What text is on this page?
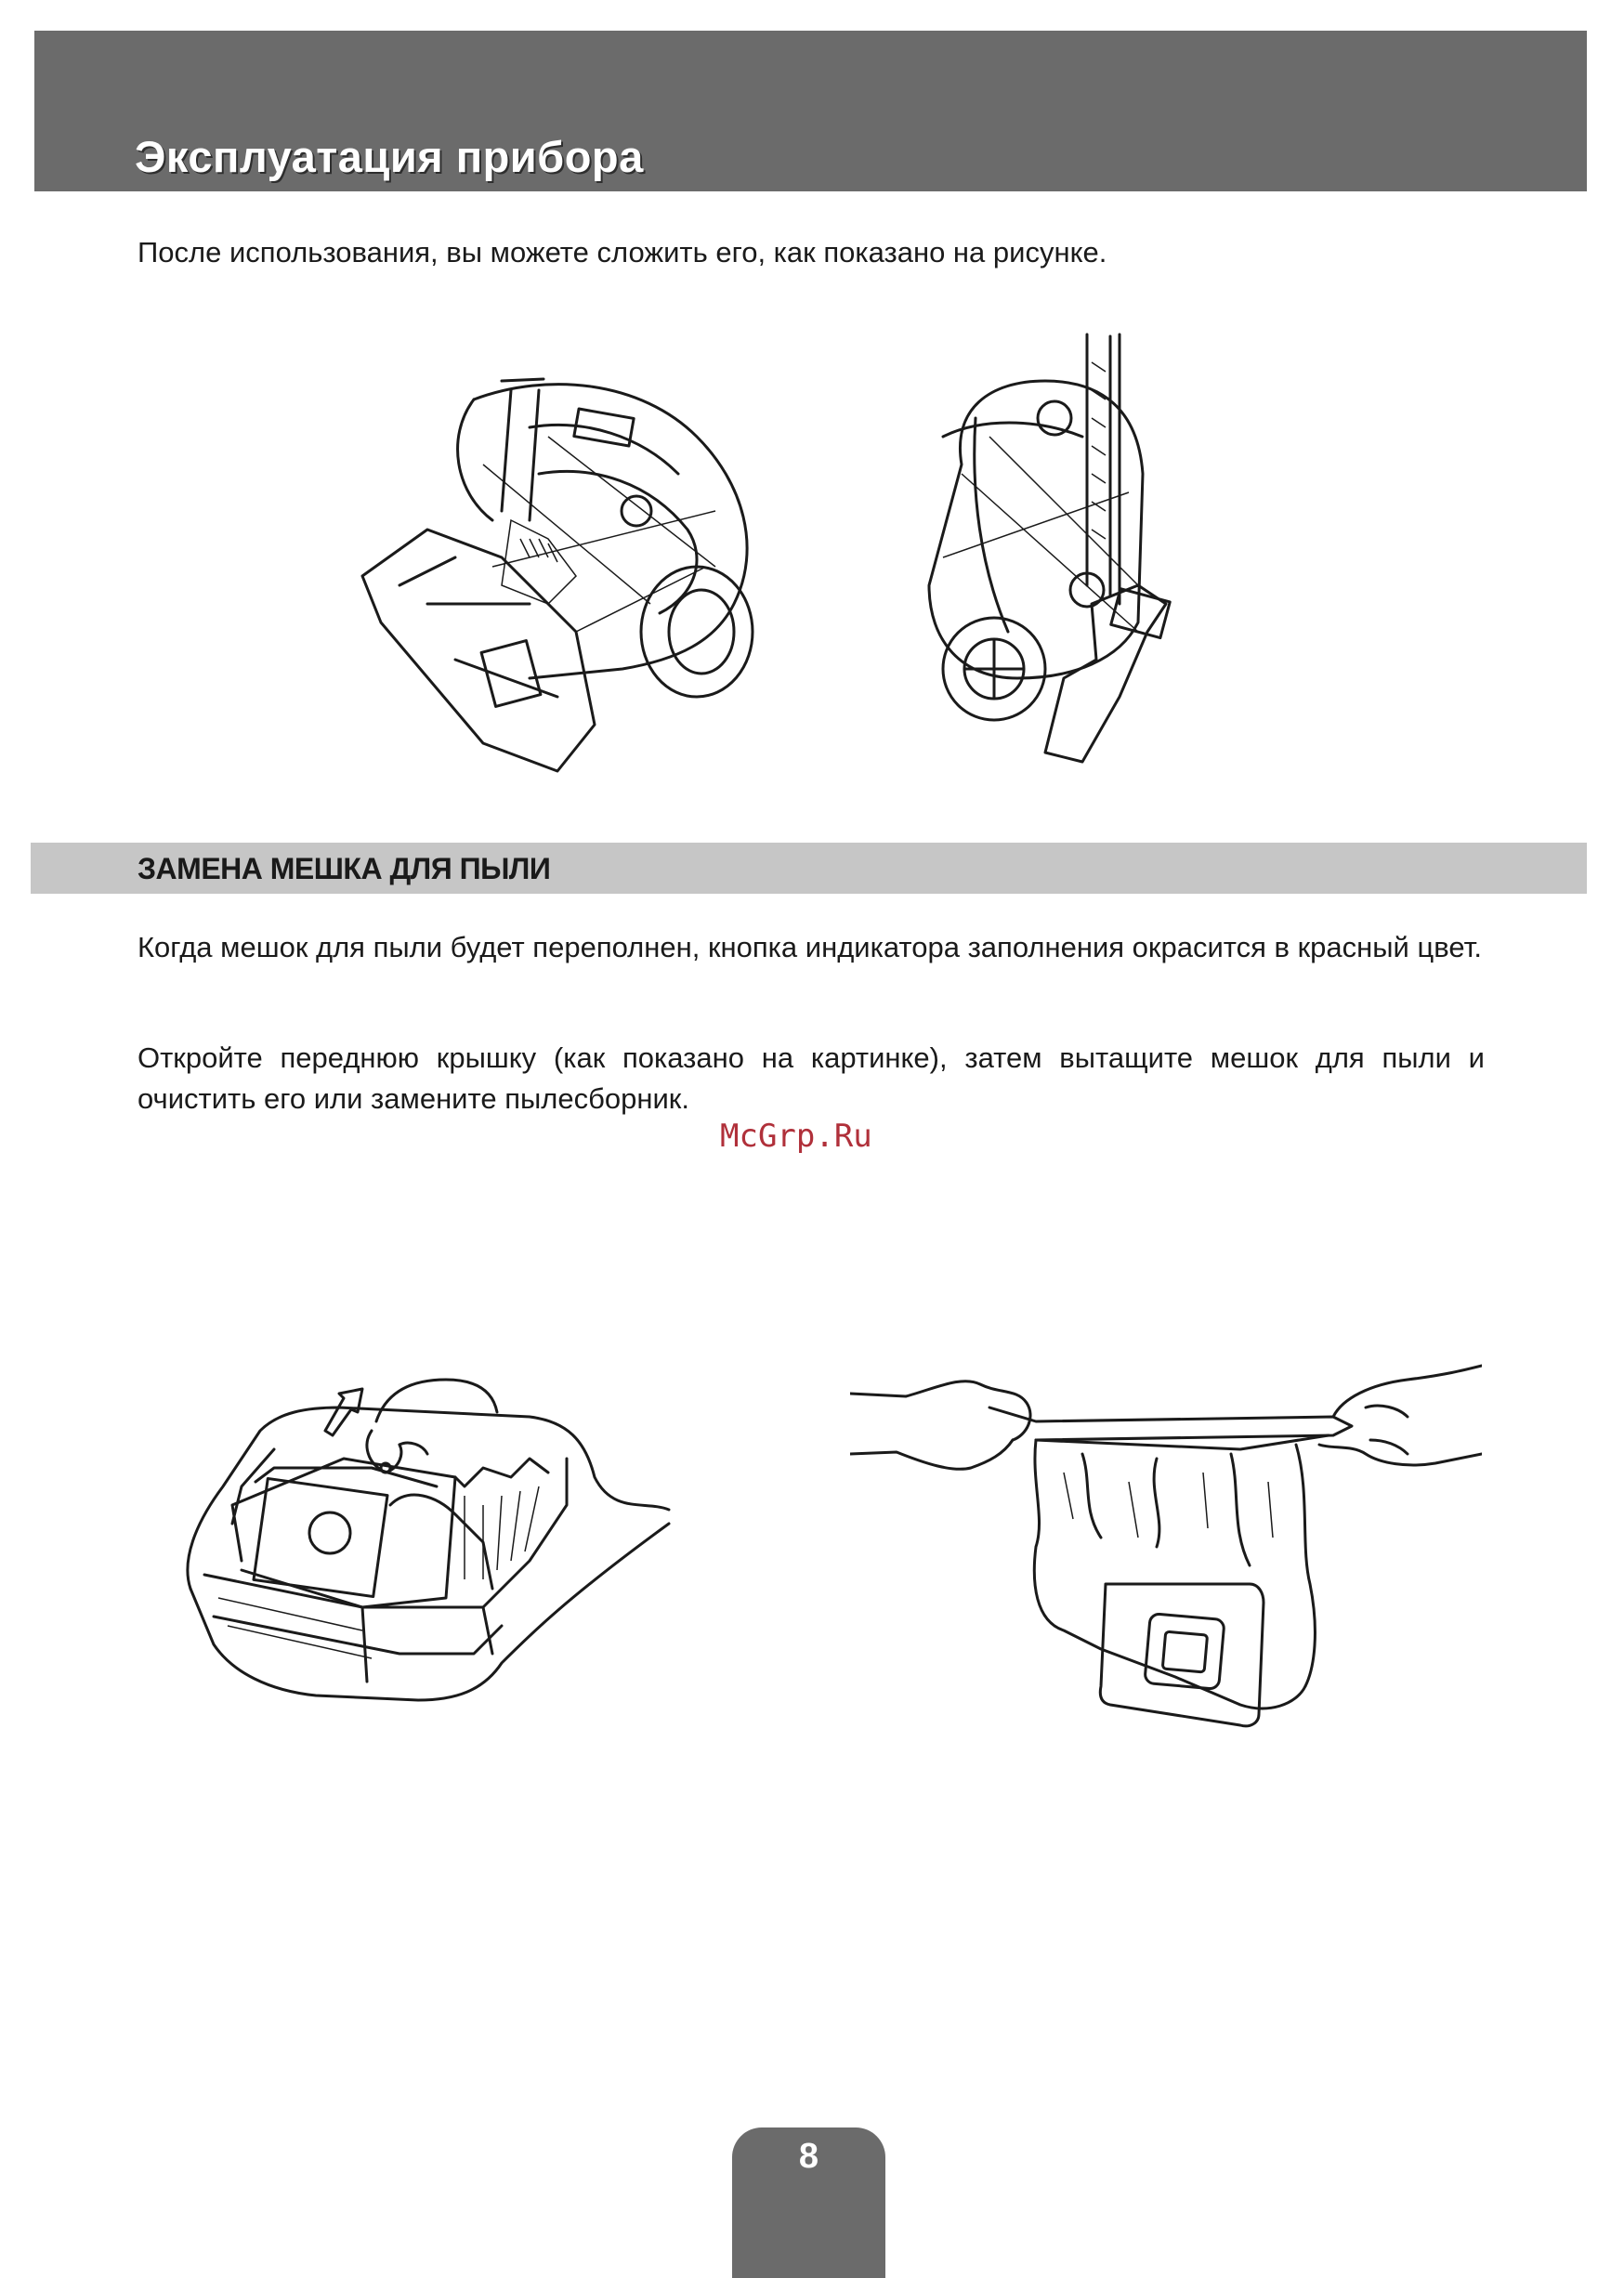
Эксплуатация прибора

После использования, вы можете сложить его, как показано на рисунке.

ЗАМЕНА МЕШКА ДЛЯ ПЫЛИ

Когда мешок для пыли будет переполнен, кнопка индикатора заполнения окрасится в красный цвет.

Откройте переднюю крышку (как показано на картинке), затем вытащите мешок для пыли и очистить его или замените пылесборник.

McGrp.Ru
8
